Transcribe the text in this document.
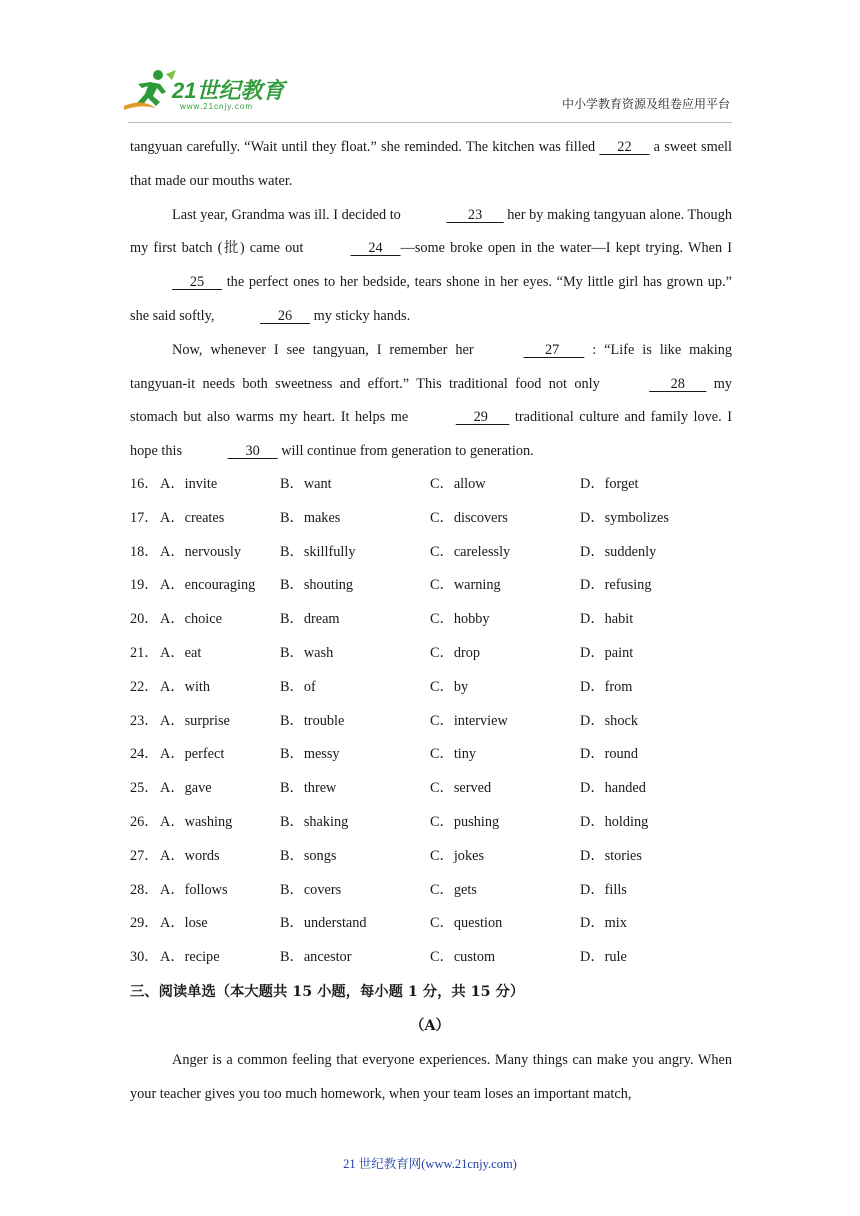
21世纪教育
www.21cnjy.com	中小学教育资源及组卷应用平台

tangyuan carefully. “Wait until they float.” she reminded. The kitchen was filled      22      a sweet smell that made our mouths water.

Last year, Grandma was ill. I decided to	23       her by making tangyuan alone. Though my first batch (批) came out	24     —some broke open in the water—I kept trying. When I      25      the perfect ones to her bedside, tears shone in her eyes. “My little girl has grown up.” she said softly,	26      my sticky hands.

Now, whenever I see tangyuan, I remember her	27        : “Life is like making tangyuan-it needs both sweetness and effort.” This traditional food not only	28       my stomach but also warms my heart. It helps me	29       traditional culture and family love. I hope this	30      will continue from generation to generation.

16． A．invite	B．want	C．allow	D．forget
17． A．creates	B．makes	C．discovers	D．symbolizes
18． A．nervously	B．skillfully	C．carelessly	D．suddenly
19． A．encouraging B．shouting	C．warning	D．refusing
20． A．choice	B．dream	C．hobby	D．habit
21． A．eat	B．wash	C．drop	D．paint
22． A．with	B．of	C．by	D．from
23． A．surprise	B．trouble	C．interview	D．shock
24． A．perfect	B．messy	C．tiny	D．round
25． A．gave	B．threw	C．served	D．handed
26． A．washing	B．shaking	C．pushing	D．holding
27． A．words	B．songs	C．jokes	D．stories
28． A．follows	B．covers	C．gets	D．fills
29． A．lose	B．understand	C．question	D．mix
30． A．recipe	B．ancestor	C．custom	D．rule
三、阅读单选（本大题共 15 小题，每小题 1 分，共 15 分）
（A）

Anger is a common feeling that everyone experiences. Many things can make you angry. When your teacher gives you too much homework, when your team loses an important match,

21 世纪教育网(www.21cnjy.com)
